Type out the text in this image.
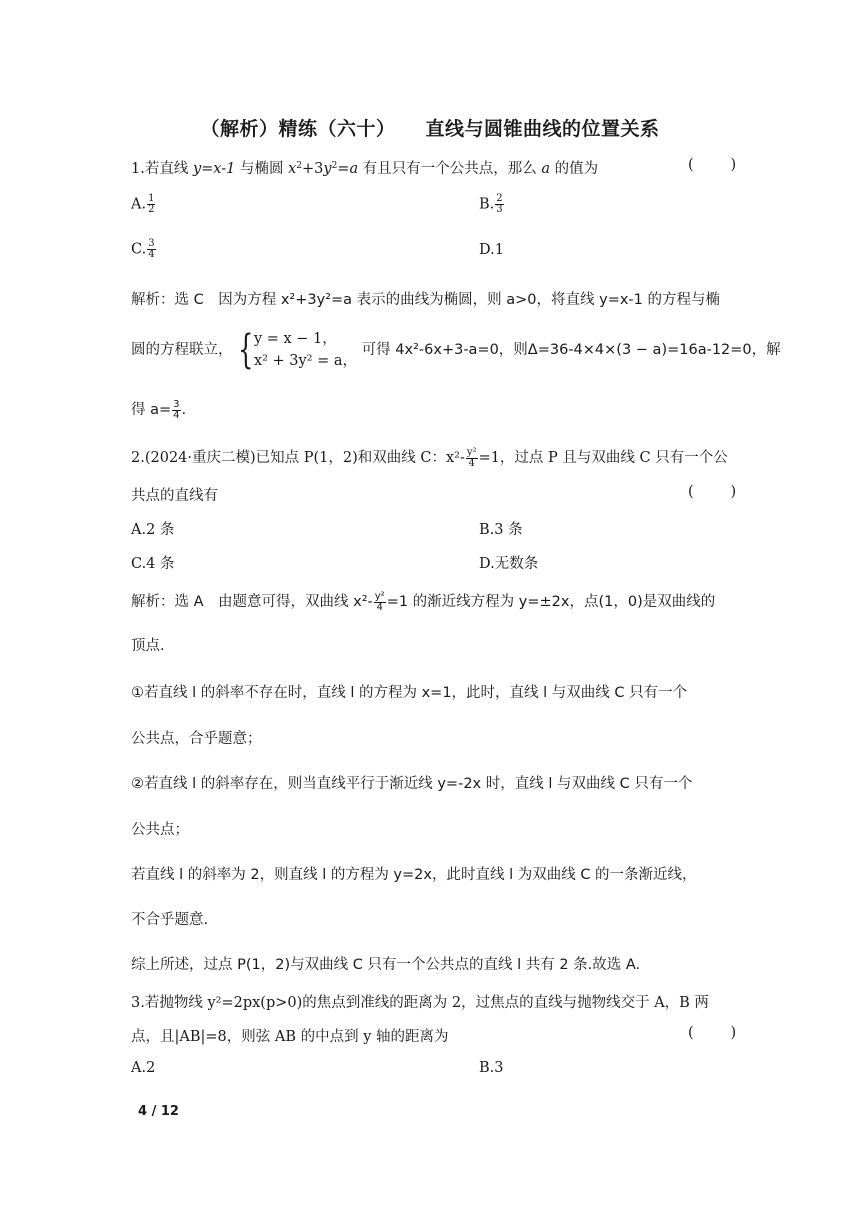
（解析）精练（六十） 直线与圆锥曲线的位置关系
1.若直线 y=x-1 与椭圆 $x^2+3y^2=a$ 有且只有一个公共点，那么 a 的值为	(        )
A. $\frac{1}{2}$	B. $\frac{2}{3}$
C. $\frac{3}{4}$	D.1
解析：选 C　因为方程 x²+3y²=a 表示的曲线为椭圆，则 a>0，将直线 y=x-1 的方程与椭
圆的方程联立， { y = x − 1，
x² + 3y² = a，
可得 4x²-6x+3-a=0，则Δ=36-4×4×(3 − a)=16a-12=0，解
得 $a= \frac{3}{4}$ .
2.(2024·重庆二模)已知点 P(1，2)和双曲线 C：$x^2- \frac{\text{y²}}{4} =1$，过点 P 且与双曲线 C 只有一个公
共点的直线有	(        )
A.2 条	B.3 条
C.4 条	D.无数条
解析：选 A　由题意可得，双曲线 $x^2- \frac{\text{y²}}{4} =1$ 的渐近线方程为 y=±2x，点(1，0)是双曲线的
顶点.
①若直线 l 的斜率不存在时，直线 l 的方程为 x=1，此时，直线 l 与双曲线 C 只有一个
公共点，合乎题意；
②若直线 l 的斜率存在，则当直线平行于渐近线 y=-2x 时，直线 l 与双曲线 C 只有一个
公共点；
若直线 l 的斜率为 2，则直线 l 的方程为 y=2x，此时直线 l 为双曲线 C 的一条渐近线，
不合乎题意.
综上所述，过点 P(1，2)与双曲线 C 只有一个公共点的直线 l 共有 2 条.故选 A.
3.若抛物线 y²=2px(p>0)的焦点到准线的距离为 2，过焦点的直线与抛物线交于 A，B 两
点，且|AB|=8，则弦 AB 的中点到 y 轴的距离为	(        )
A.2	B.3
4 / 12
